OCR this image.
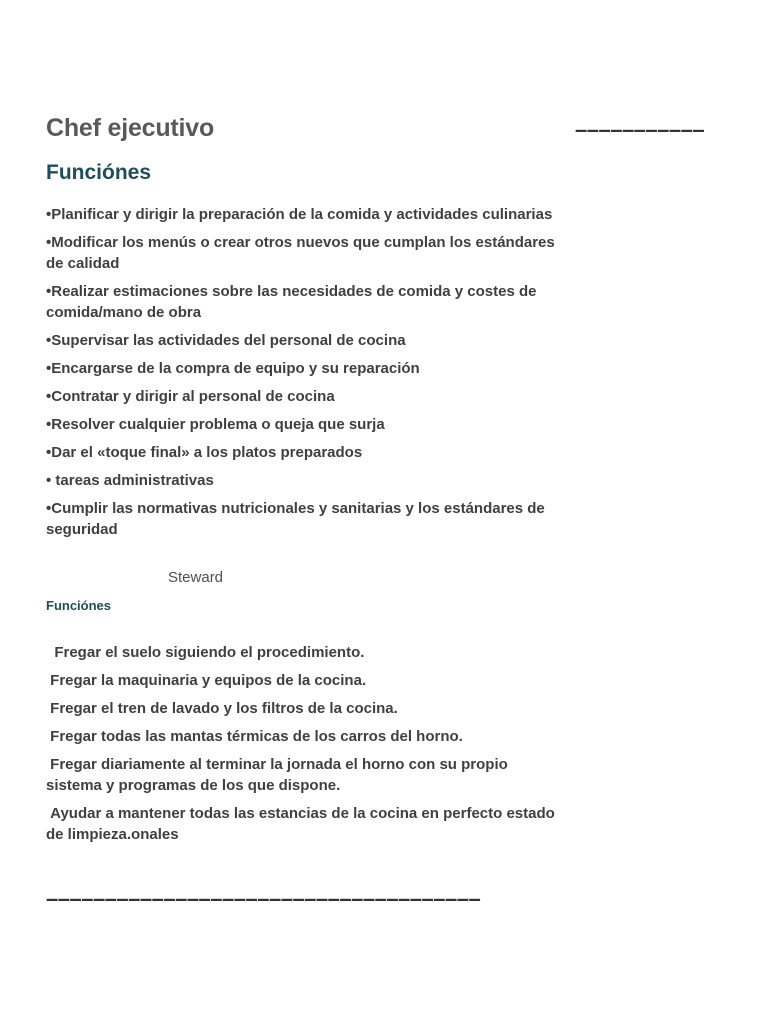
Chef ejecutivo	–––––––––––
Funciónes
•Planificar y dirigir la preparación de la comida y actividades culinarias
•Modificar los menús o crear otros nuevos que cumplan los estándares de calidad
•Realizar estimaciones sobre las necesidades de comida y costes de comida/mano de obra
•Supervisar las actividades del personal de cocina
•Encargarse de la compra de equipo y su reparación
•Contratar y dirigir al personal de cocina
•Resolver cualquier problema o queja que surja
•Dar el «toque final» a los platos preparados
• tareas administrativas
•Cumplir las normativas nutricionales y sanitarias y los estándares de seguridad
Steward
Funciónes
Fregar el suelo siguiendo el procedimiento.
Fregar la maquinaria y equipos de la cocina.
Fregar el tren de lavado y los filtros de la cocina.
Fregar todas las mantas térmicas de los carros del horno.
Fregar diariamente al terminar la jornada el horno con su propio sistema y programas de los que dispone.
Ayudar a mantener todas las estancias de la cocina en perfecto estado de limpieza.onales
–––––––––––––––––––––––––––––––––––––
